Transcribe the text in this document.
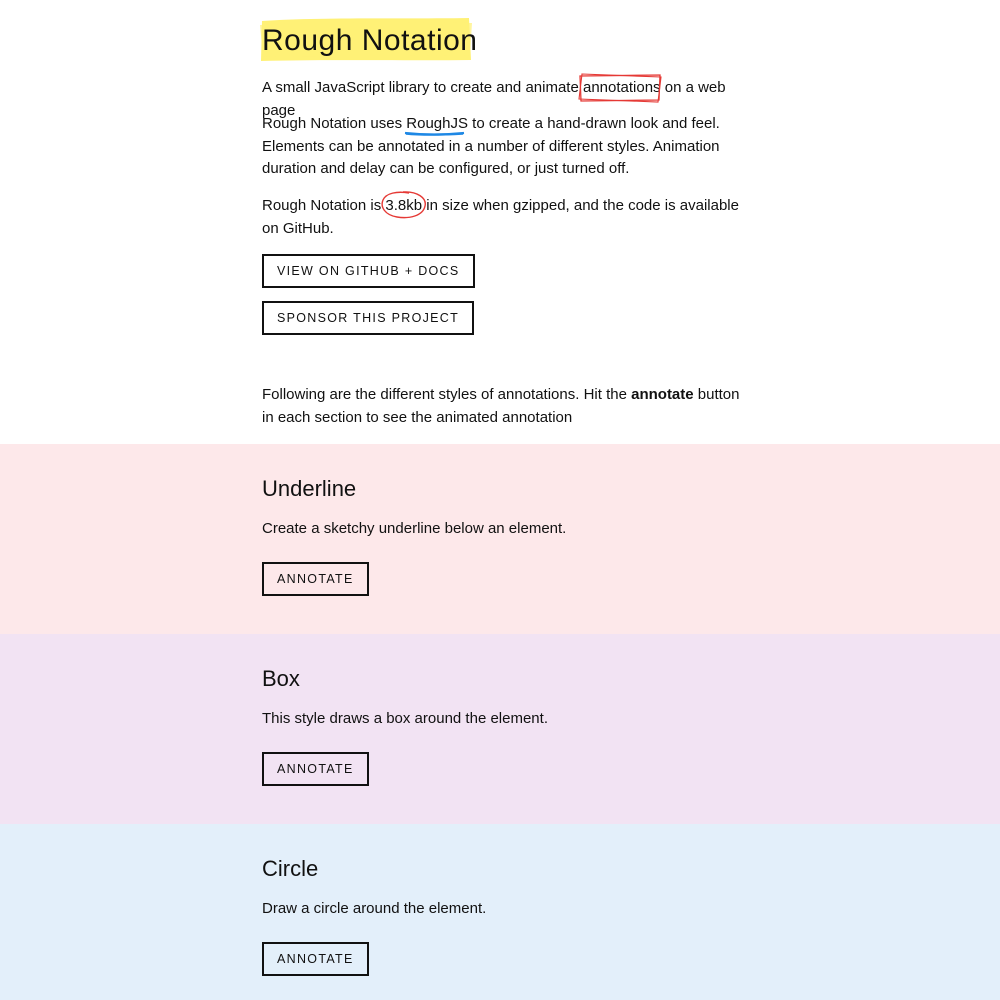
Rough Notation

A small JavaScript library to create and animate annotations
on a web page

Rough Notation uses RoughJS
to create a hand-drawn look and feel. Elements can be annotated in a number of different styles. Animation duration and delay can be configured, or just turned off.

Rough Notation is 3.8kb
in size when gzipped, and the code is available on GitHub.

VIEW ON GITHUB + DOCS
SPONSOR THIS PROJECT

Following are the different styles of annotations. Hit the annotate button in each section to see the animated annotation

Underline
Create a sketchy underline below an element.
ANNOTATE
Box
This style draws a box around the element.
ANNOTATE
Circle
Draw a circle around the element.
ANNOTATE
